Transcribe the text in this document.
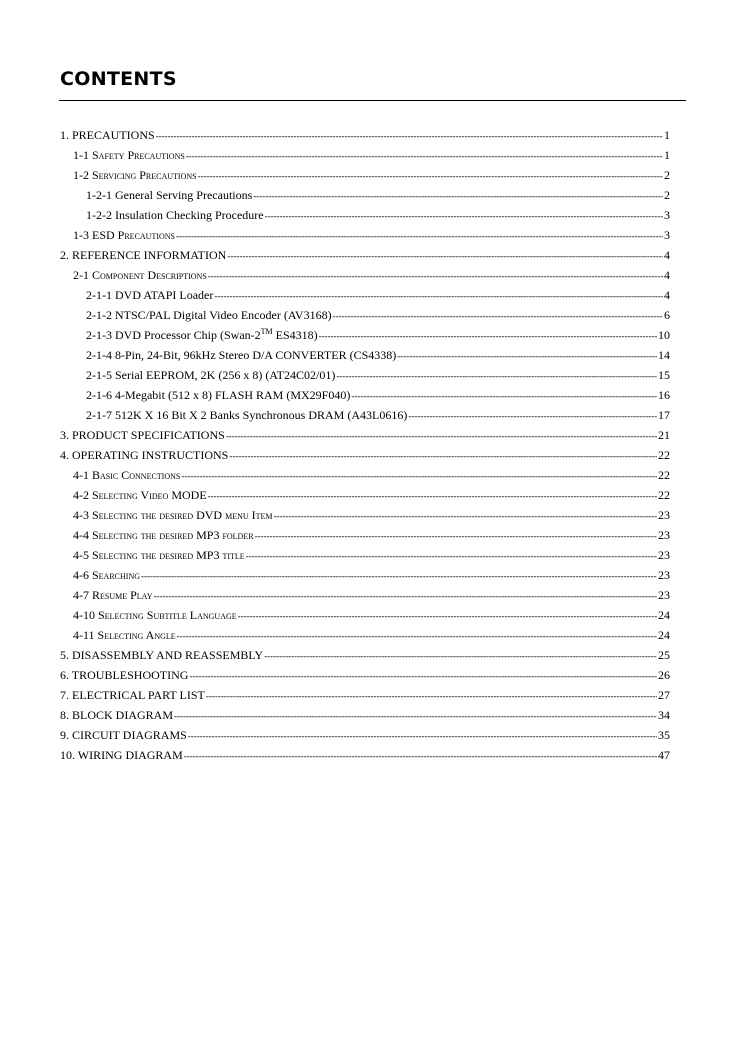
CONTENTS
1. PRECAUTIONS -----	1
1-1 Safety Precautions -----	1
1-2 Servicing Precautions -----	2
1-2-1 General Serving Precautions -----	2
1-2-2 Insulation Checking Procedure -----	3
1-3 ESD Precautions -----	3
2. REFERENCE INFORMATION -----	4
2-1 Component Descriptions -----	4
2-1-1 DVD ATAPI Loader -----	4
2-1-2 NTSC/PAL Digital Video Encoder (AV3168) -----	6
2-1-3 DVD Processor Chip (Swan-2™ ES4318) -----	10
2-1-4 8-Pin, 24-Bit, 96kHz Stereo D/A CONVERTER (CS4338) -----	14
2-1-5 Serial EEPROM, 2K (256 x 8) (AT24C02/01) -----	15
2-1-6 4-Megabit (512 x 8) FLASH RAM (MX29F040) -----	16
2-1-7 512K X 16 Bit X 2 Banks Synchronous DRAM (A43L0616) -----	17
3. PRODUCT SPECIFICATIONS -----	21
4. OPERATING INSTRUCTIONS -----	22
4-1 Basic Connections -----	22
4-2 Selecting Video MODE -----	22
4-3 Selecting the desired DVD menu Item -----	23
4-4 Selecting the desired MP3 folder -----	23
4-5 Selecting the desired MP3 title -----	23
4-6 Searching -----	23
4-7 Resume Play -----	23
4-10 Selecting Subtitle Language -----	24
4-11 Selecting Angle -----	24
5. DISASSEMBLY AND REASSEMBLY -----	25
6. TROUBLESHOOTING -----	26
7. ELECTRICAL PART LIST -----	27
8. BLOCK DIAGRAM -----	34
9. CIRCUIT DIAGRAMS -----	35
10. WIRING DIAGRAM -----	47
